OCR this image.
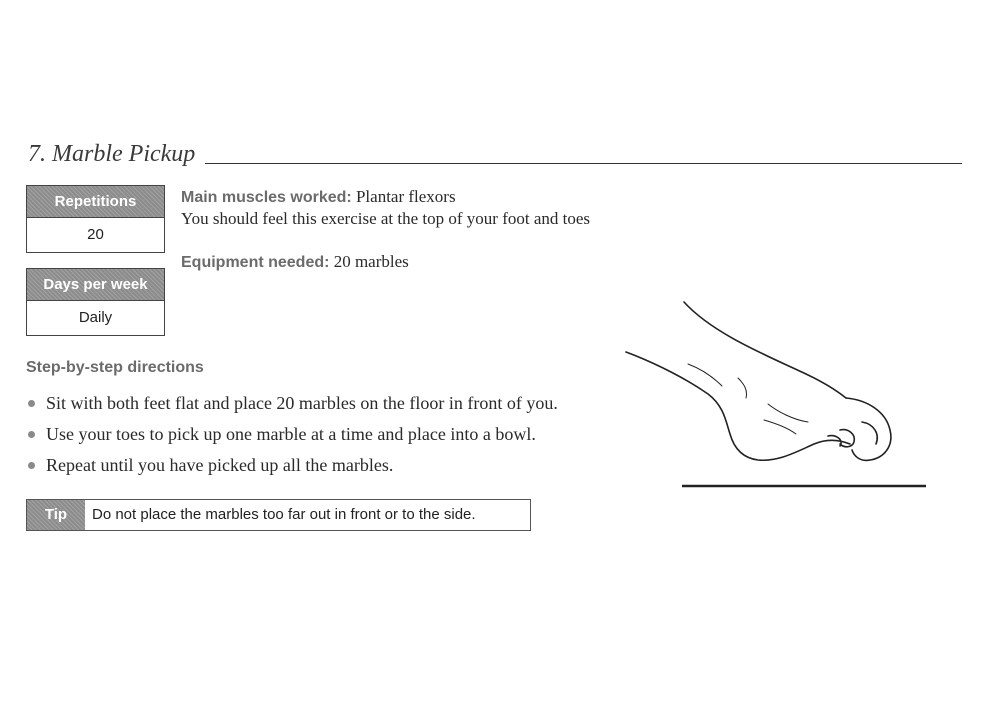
7. Marble Pickup
Repetitions
20
Days per week
Daily
Main muscles worked: Plantar flexors
You should feel this exercise at the top of your foot and toes
Equipment needed: 20 marbles
Step-by-step directions
Sit with both feet flat and place 20 marbles on the floor in front of you.
Use your toes to pick up one marble at a time and place into a bowl.
Repeat until you have picked up all the marbles.
Tip	Do not place the marbles too far out in front or to the side.
